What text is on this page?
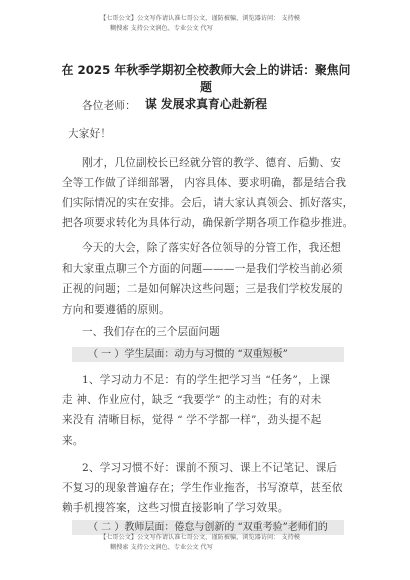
【七哥公文】公文写作请认准七哥公文，谨防被骗，浏览器访问： 支持模
糊搜索 支持公文润色、专业公文 代写
在 2025 年秋季学期初全校教师大会上的讲话：聚焦问题
谋 发展求真育心赴新程
各位老师：
大家好！
刚才，几位副校长已经就分管的教学、德育、后勤、安
全等工作做了详细部署， 内容具体、要求明确，都是结合我
们实际情况的实在安排。会后，请大家认真领会、抓好落实，
把各项要求转化为具体行动，确保新学期各项工作稳步推进。
今天的大会，除了落实好各位领导的分管工作，我还想
和大家重点聊三个方面的问题———一是我们学校当前必须
正视的问题；二是如何解决这些问题；三是我们学校发展的
方向和要遵循的原则。
一、我们存在的三个层面问题
（ 一 ）学生层面：动力与习惯的 “双重短板”
1、学习动力不足：有的学生把学习当 “任务”，上课
走 神、作业应付，缺乏 “我要学” 的主动性；有的对未
来没有 清晰目标，觉得 “ 学不学都一样”，劲头提不起
来。
2、学习习惯不好：课前不预习、课上不记笔记、课后
不复习的现象普遍存在；学生作业拖沓，书写潦草，甚至依
赖手机搜答案，这些习惯直接影响了学习效果。
（ 二 ）教师层面：倦怠与创新的 “双重考验”老师们的
【七哥公文】公文写作请认准七哥公文，谨防被骗，浏览器访问： 支持模
糊搜索 支持公文润色、专业公文 代写
